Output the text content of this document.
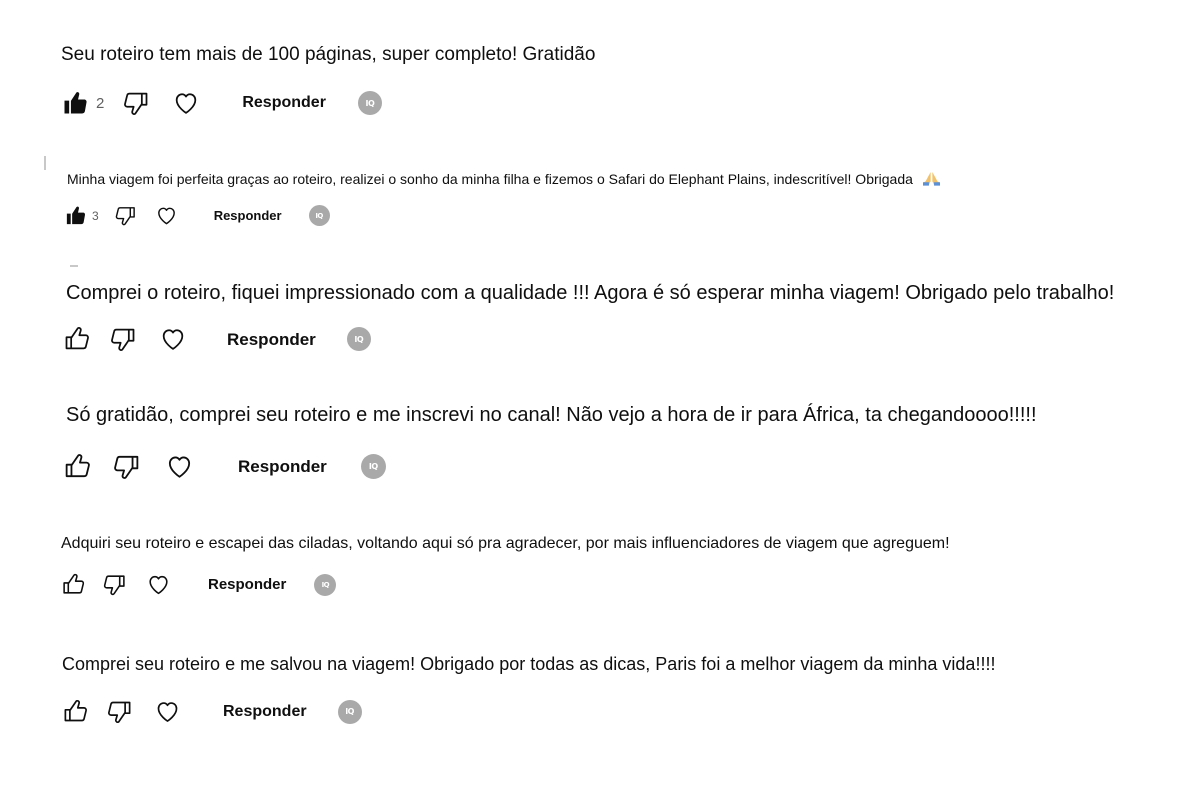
Seu roteiro tem mais de 100 páginas, super completo! Gratidão
2	Responder	IQ
Minha viagem foi perfeita graças ao roteiro, realizei o sonho da minha filha e fizemos o Safari do Elephant Plains, indescritível! Obrigada
3	Responder	IQ
Comprei o roteiro, fiquei impressionado com a qualidade !!! Agora é só esperar minha viagem! Obrigado pelo trabalho!
Responder	IQ
Só gratidão, comprei seu roteiro e me inscrevi no canal! Não vejo a hora de ir para África, ta chegandoooo!!!!!
Responder	IQ
Adquiri seu roteiro e escapei das ciladas, voltando aqui só pra agradecer, por mais influenciadores de viagem que agreguem!
Responder	IQ
Comprei seu roteiro e me salvou na viagem! Obrigado por todas as dicas, Paris foi a melhor viagem da minha vida!!!!
Responder	IQ
